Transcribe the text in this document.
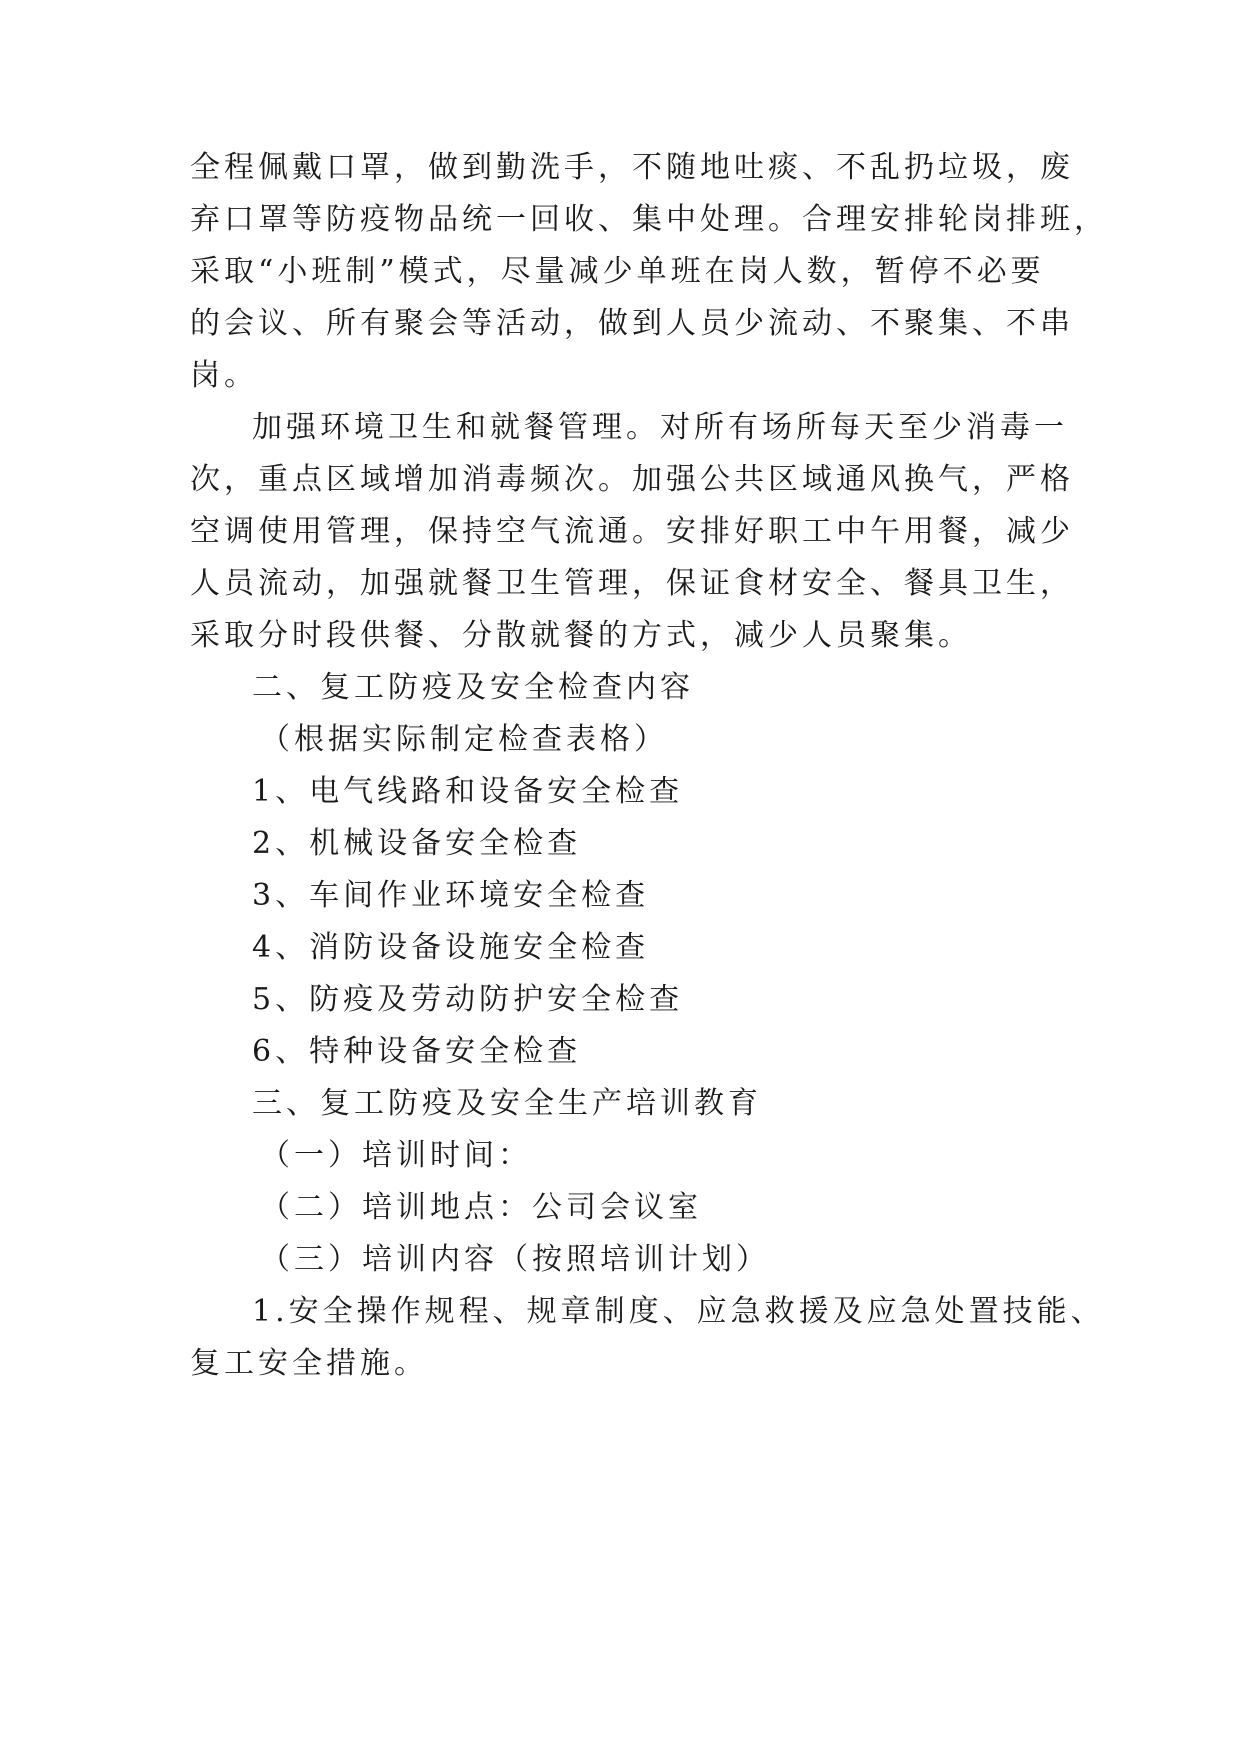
全程佩戴口罩，做到勤洗手，不随地吐痰、不乱扔垃圾，废

弃口罩等防疫物品统一回收、集中处理。合理安排轮岗排班，

采取“小班制”模式，尽量减少单班在岗人数，暂停不必要

的会议、所有聚会等活动，做到人员少流动、不聚集、不串

岗。

加强环境卫生和就餐管理。对所有场所每天至少消毒一

次，重点区域增加消毒频次。加强公共区域通风换气，严格

空调使用管理，保持空气流通。安排好职工中午用餐，减少

人员流动，加强就餐卫生管理，保证食材安全、餐具卫生，

采取分时段供餐、分散就餐的方式，减少人员聚集。

二、复工防疫及安全检查内容

（根据实际制定检查表格）

1、电气线路和设备安全检查

2、机械设备安全检查

3、车间作业环境安全检查

4、消防设备设施安全检查

5、防疫及劳动防护安全检查

6、特种设备安全检查

三、复工防疫及安全生产培训教育

（一）培训时间：

（二）培训地点：公司会议室

（三）培训内容（按照培训计划）

1.安全操作规程、规章制度、应急救援及应急处置技能、

复工安全措施。
